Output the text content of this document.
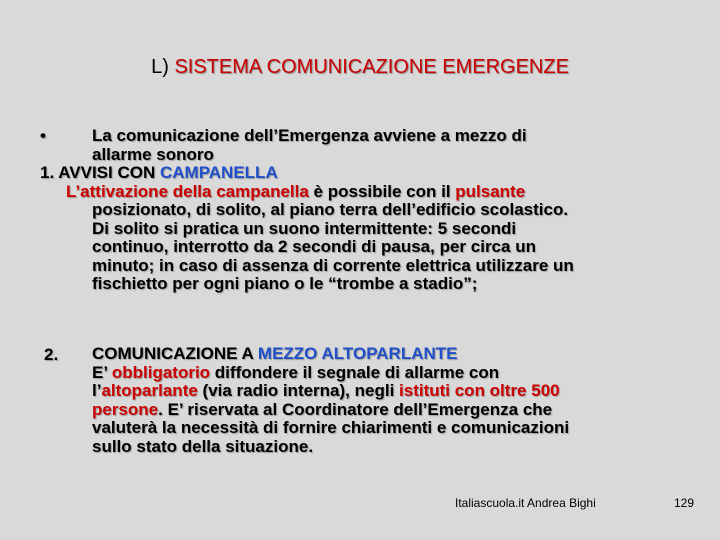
L) SISTEMA COMUNICAZIONE EMERGENZE
•	La comunicazione dell’Emergenza avviene a mezzo di
allarme sonoro
1. AVVISI CON CAMPANELLA
L’attivazione della campanella è possibile con il pulsante
posizionato, di solito, al piano terra dell’edificio scolastico.
Di solito si pratica un suono intermittente: 5 secondi
continuo, interrotto da 2 secondi di pausa, per circa un
minuto; in caso di assenza di corrente elettrica utilizzare un
fischietto per ogni piano o le “trombe a stadio”;
2. COMUNICAZIONE A MEZZO ALTOPARLANTE
E’ obbligatorio diffondere il segnale di allarme con
l’altoparlante (via radio interna), negli istituti con oltre 500
persone. E’ riservata al Coordinatore dell’Emergenza che
valuterà la necessità di fornire chiarimenti e comunicazioni
sullo stato della situazione.
Italiascuola.it Andrea Bighi	129
